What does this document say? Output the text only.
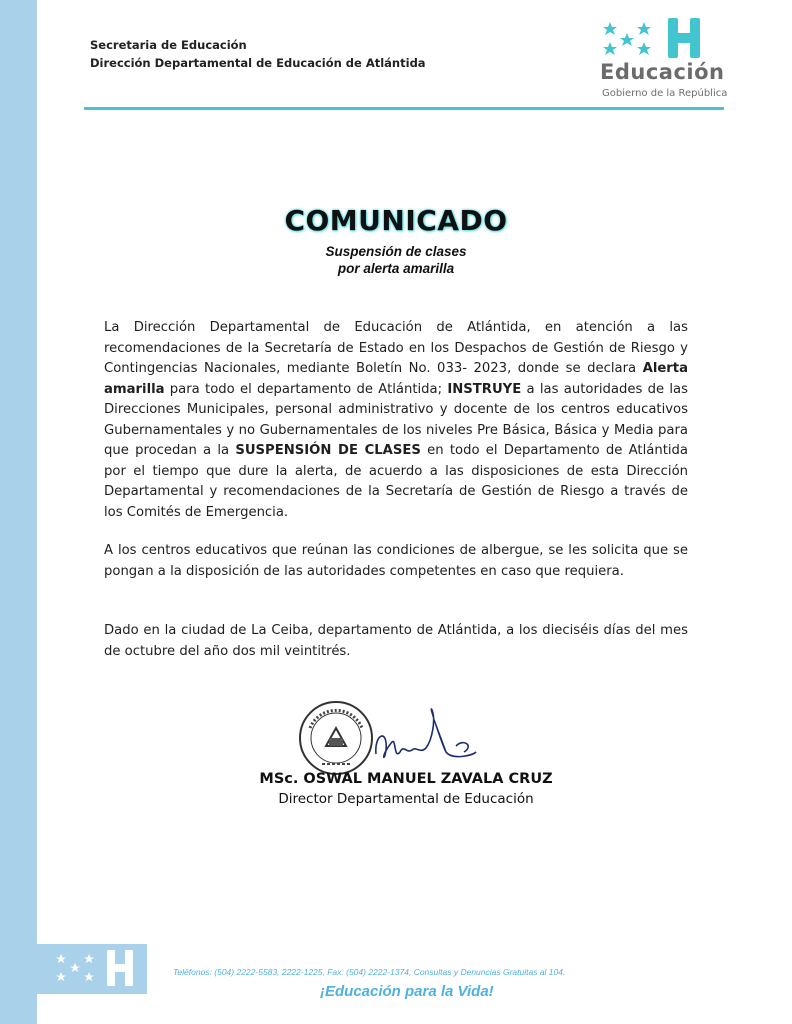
Secretaria de Educación
Dirección Departamental de Educación de Atlántida	Educación
Gobierno de la República
COMUNICADO
Suspensión de clases
por alerta amarilla
La Dirección Departamental de Educación de Atlántida, en atención a las recomendaciones de la Secretaría de Estado en los Despachos de Gestión de Riesgo y Contingencias Nacionales, mediante Boletín No. 033- 2023, donde se declara Alerta amarilla para todo el departamento de Atlántida; INSTRUYE a las autoridades de las Direcciones Municipales, personal administrativo y docente de los centros educativos Gubernamentales y no Gubernamentales de los niveles Pre Básica, Básica y Media para que procedan a la SUSPENSIÓN DE CLASES en todo el Departamento de Atlántida por el tiempo que dure la alerta, de acuerdo a las disposiciones de esta Dirección Departamental y recomendaciones de la Secretaría de Gestión de Riesgo a través de los Comités de Emergencia.
A los centros educativos que reúnan las condiciones de albergue, se les solicita que se pongan a la disposición de las autoridades competentes en caso que requiera.
Dado en la ciudad de La Ceiba, departamento de Atlántida, a los dieciséis días del mes de octubre del año dos mil veintitrés.
MSc. OSWAL MANUEL ZAVALA CRUZ
Director Departamental de Educación
Teléfonos: (504) 2222-5583, 2222-1225, Fax: (504) 2222-1374, Consultas y Denuncias Gratuitas al 104.
¡Educación para la Vida!
